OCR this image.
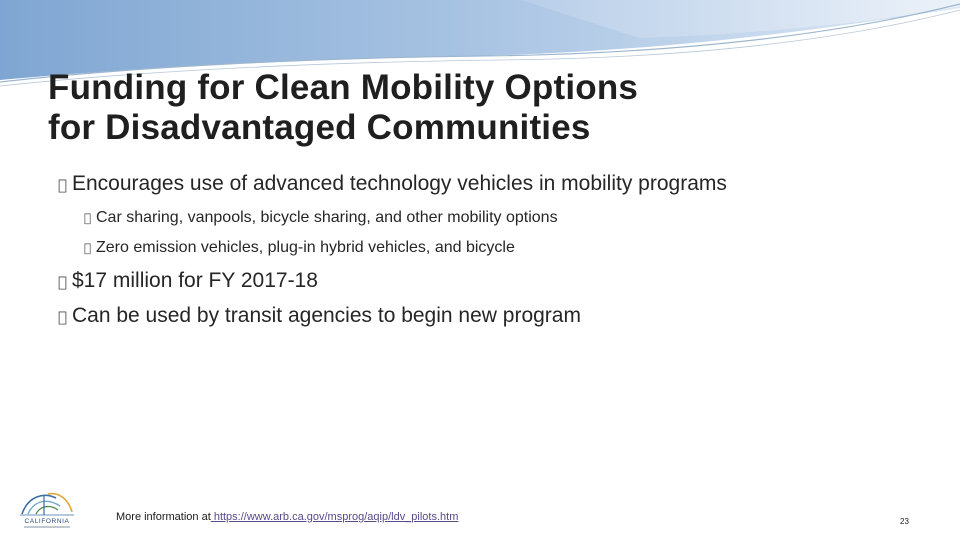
Funding for Clean Mobility Options
for Disadvantaged Communities
Encourages use of advanced technology vehicles in mobility programs
Car sharing, vanpools, bicycle sharing, and other mobility options
Zero emission vehicles, plug-in hybrid vehicles, and bicycle
$17 million for FY 2017-18
Can be used by transit agencies to begin new program
CALIFORNIA	More information at https://www.arb.ca.gov/msprog/aqip/ldv_pilots.htm	23
